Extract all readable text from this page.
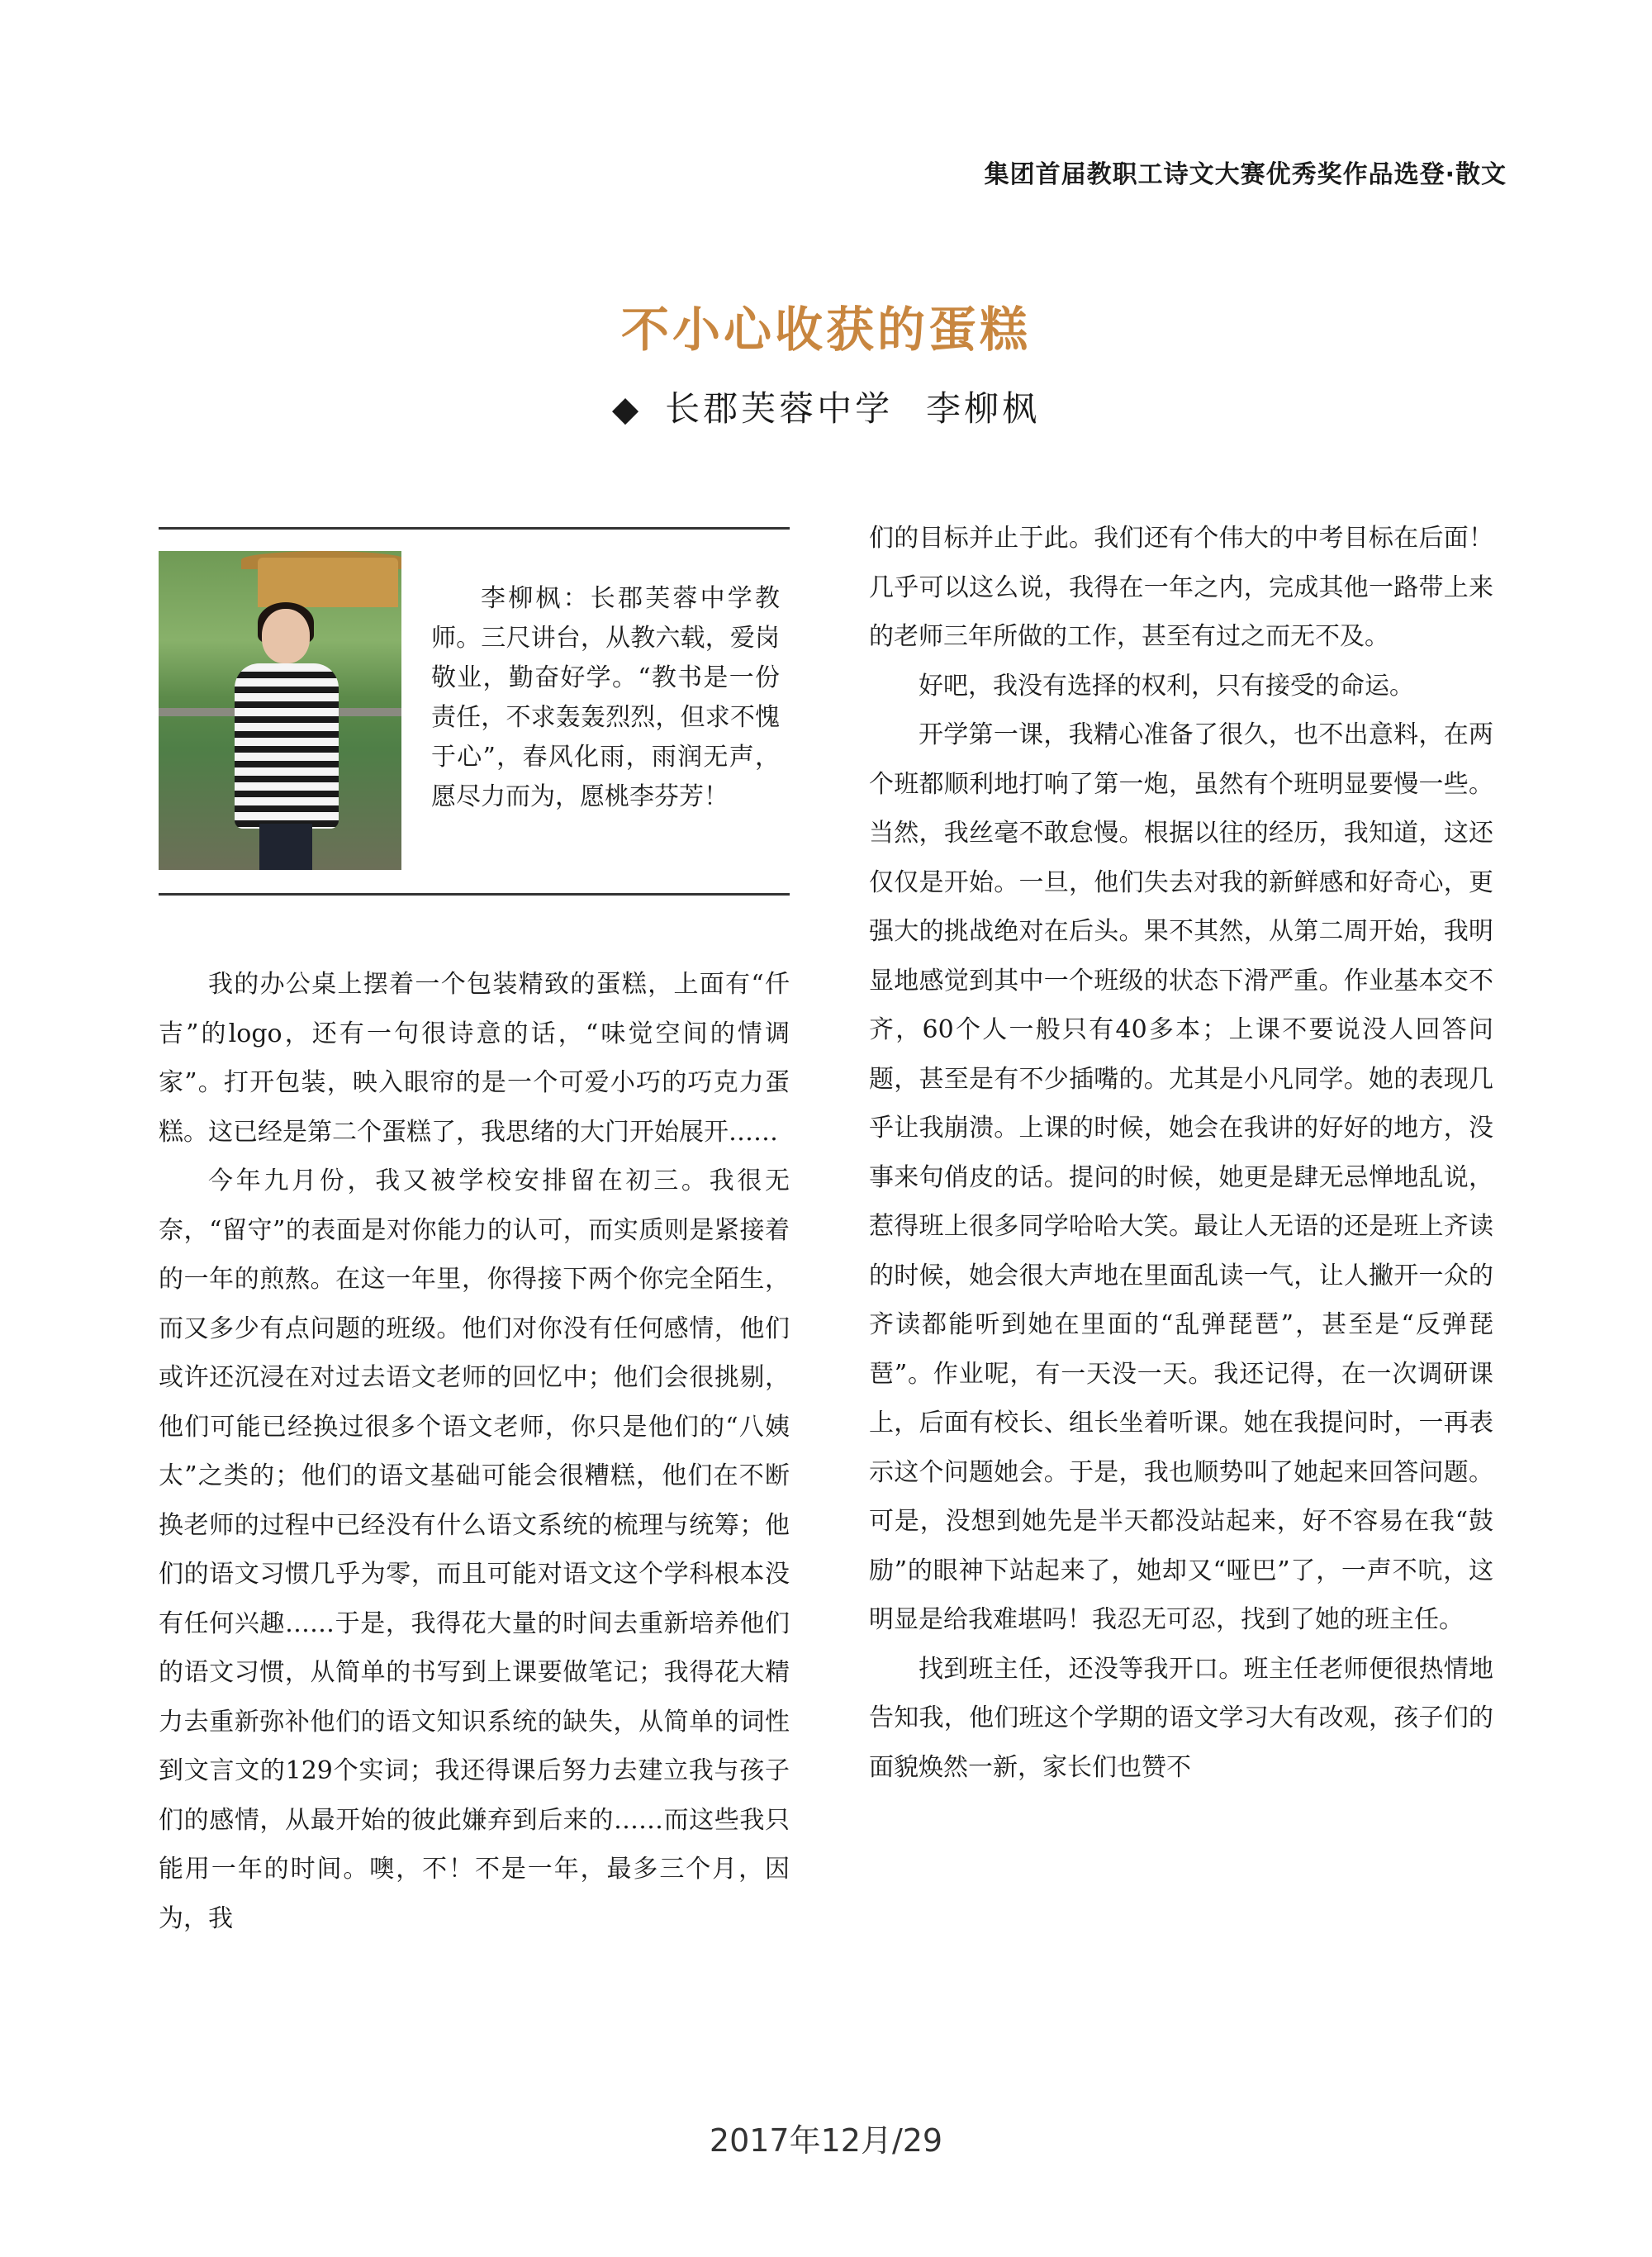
集团首届教职工诗文大赛优秀奖作品选登·散文
不小心收获的蛋糕
◆ 长郡芙蓉中学 李柳枫
李柳枫：长郡芙蓉中学教师。三尺讲台，从教六载，爱岗敬业，勤奋好学。“教书是一份责任，不求轰轰烈烈，但求不愧于心”，春风化雨，雨润无声，愿尽力而为，愿桃李芬芳！

我的办公桌上摆着一个包装精致的蛋糕，上面有“仟吉”的logo，还有一句很诗意的话，“味觉空间的情调家”。打开包装，映入眼帘的是一个可爱小巧的巧克力蛋糕。这已经是第二个蛋糕了，我思绪的大门开始展开……

今年九月份，我又被学校安排留在初三。我很无奈，“留守”的表面是对你能力的认可，而实质则是紧接着的一年的煎熬。在这一年里，你得接下两个你完全陌生，而又多少有点问题的班级。他们对你没有任何感情，他们或许还沉浸在对过去语文老师的回忆中；他们会很挑剔，他们可能已经换过很多个语文老师，你只是他们的“八姨太”之类的；他们的语文基础可能会很糟糕，他们在不断换老师的过程中已经没有什么语文系统的梳理与统筹；他们的语文习惯几乎为零，而且可能对语文这个学科根本没有任何兴趣……于是，我得花大量的时间去重新培养他们的语文习惯，从简单的书写到上课要做笔记；我得花大精力去重新弥补他们的语文知识系统的缺失，从简单的词性到文言文的129个实词；我还得课后努力去建立我与孩子们的感情，从最开始的彼此嫌弃到后来的……而这些我只能用一年的时间。噢，不！不是一年，最多三个月，因为，我

们的目标并止于此。我们还有个伟大的中考目标在后面！几乎可以这么说，我得在一年之内，完成其他一路带上来的老师三年所做的工作，甚至有过之而无不及。

好吧，我没有选择的权利，只有接受的命运。

开学第一课，我精心准备了很久，也不出意料，在两个班都顺利地打响了第一炮，虽然有个班明显要慢一些。当然，我丝毫不敢怠慢。根据以往的经历，我知道，这还仅仅是开始。一旦，他们失去对我的新鲜感和好奇心，更强大的挑战绝对在后头。果不其然，从第二周开始，我明显地感觉到其中一个班级的状态下滑严重。作业基本交不齐，60个人一般只有40多本；上课不要说没人回答问题，甚至是有不少插嘴的。尤其是小凡同学。她的表现几乎让我崩溃。上课的时候，她会在我讲的好好的地方，没事来句俏皮的话。提问的时候，她更是肆无忌惮地乱说，惹得班上很多同学哈哈大笑。最让人无语的还是班上齐读的时候，她会很大声地在里面乱读一气，让人撇开一众的齐读都能听到她在里面的“乱弹琵琶”，甚至是“反弹琵琶”。作业呢，有一天没一天。我还记得，在一次调研课上，后面有校长、组长坐着听课。她在我提问时，一再表示这个问题她会。于是，我也顺势叫了她起来回答问题。可是，没想到她先是半天都没站起来，好不容易在我“鼓励”的眼神下站起来了，她却又“哑巴”了，一声不吭，这明显是给我难堪吗！我忍无可忍，找到了她的班主任。

找到班主任，还没等我开口。班主任老师便很热情地告知我，他们班这个学期的语文学习大有改观，孩子们的面貌焕然一新，家长们也赞不

2017年12月/29
